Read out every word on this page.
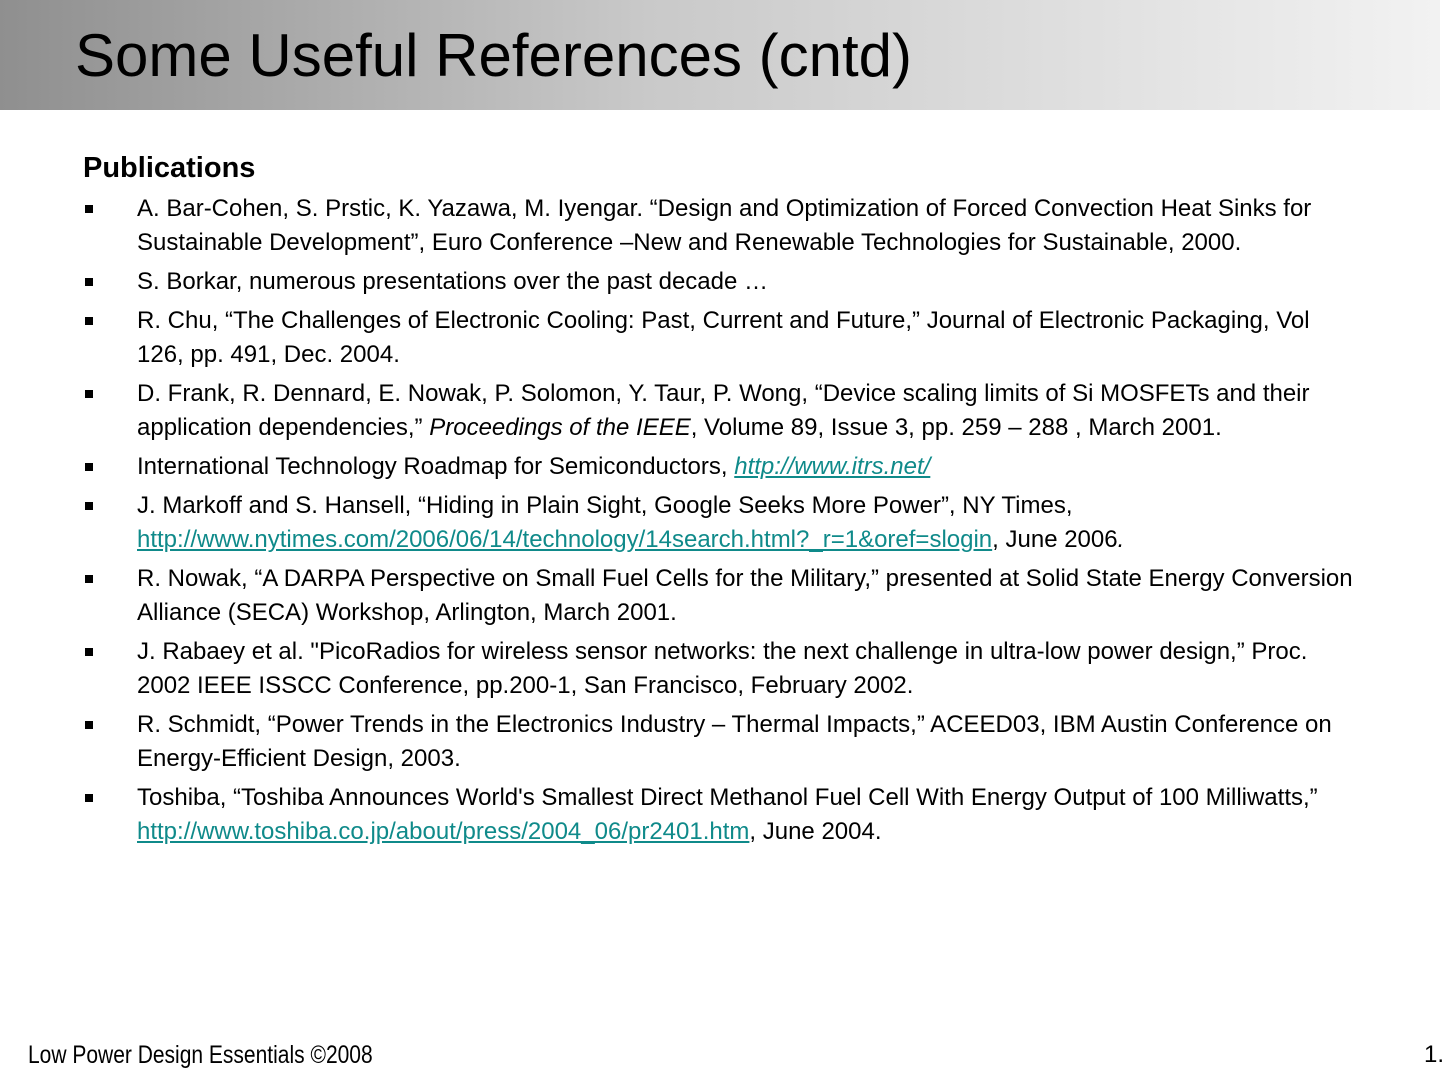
Some Useful References (cntd)
Publications
A. Bar-Cohen, S. Prstic, K. Yazawa, M. Iyengar. “Design and Optimization of Forced Convection Heat Sinks for Sustainable Development”, Euro Conference –New and Renewable Technologies for Sustainable, 2000.
S. Borkar, numerous presentations over the past decade …
R. Chu, “The Challenges of Electronic Cooling: Past, Current and Future,” Journal of Electronic Packaging, Vol 126, pp. 491, Dec. 2004.
D. Frank, R. Dennard, E. Nowak, P. Solomon, Y. Taur, P. Wong, “Device scaling limits of Si MOSFETs and their application dependencies,” Proceedings of the IEEE, Volume 89, Issue 3, pp. 259 – 288 , March 2001.
International Technology Roadmap for Semiconductors, http://www.itrs.net/
J. Markoff and S. Hansell, “Hiding in Plain Sight, Google Seeks More Power”, NY Times, http://www.nytimes.com/2006/06/14/technology/14search.html?_r=1&oref=slogin, June 2006.
R. Nowak, “A DARPA Perspective on Small Fuel Cells for the Military,” presented at Solid State Energy Conversion Alliance (SECA) Workshop, Arlington, March 2001.
J. Rabaey et al. "PicoRadios for wireless sensor networks: the next challenge in ultra-low power design,” Proc. 2002 IEEE ISSCC Conference, pp.200-1, San Francisco, February 2002.
R. Schmidt, “Power Trends in the Electronics Industry – Thermal Impacts,” ACEED03, IBM Austin Conference on Energy-Efficient Design, 2003.
Toshiba, “Toshiba Announces World's Smallest Direct Methanol Fuel Cell With Energy Output of 100 Milliwatts,” http://www.toshiba.co.jp/about/press/2004_06/pr2401.htm, June 2004.
Low Power Design Essentials ©2008	1.
